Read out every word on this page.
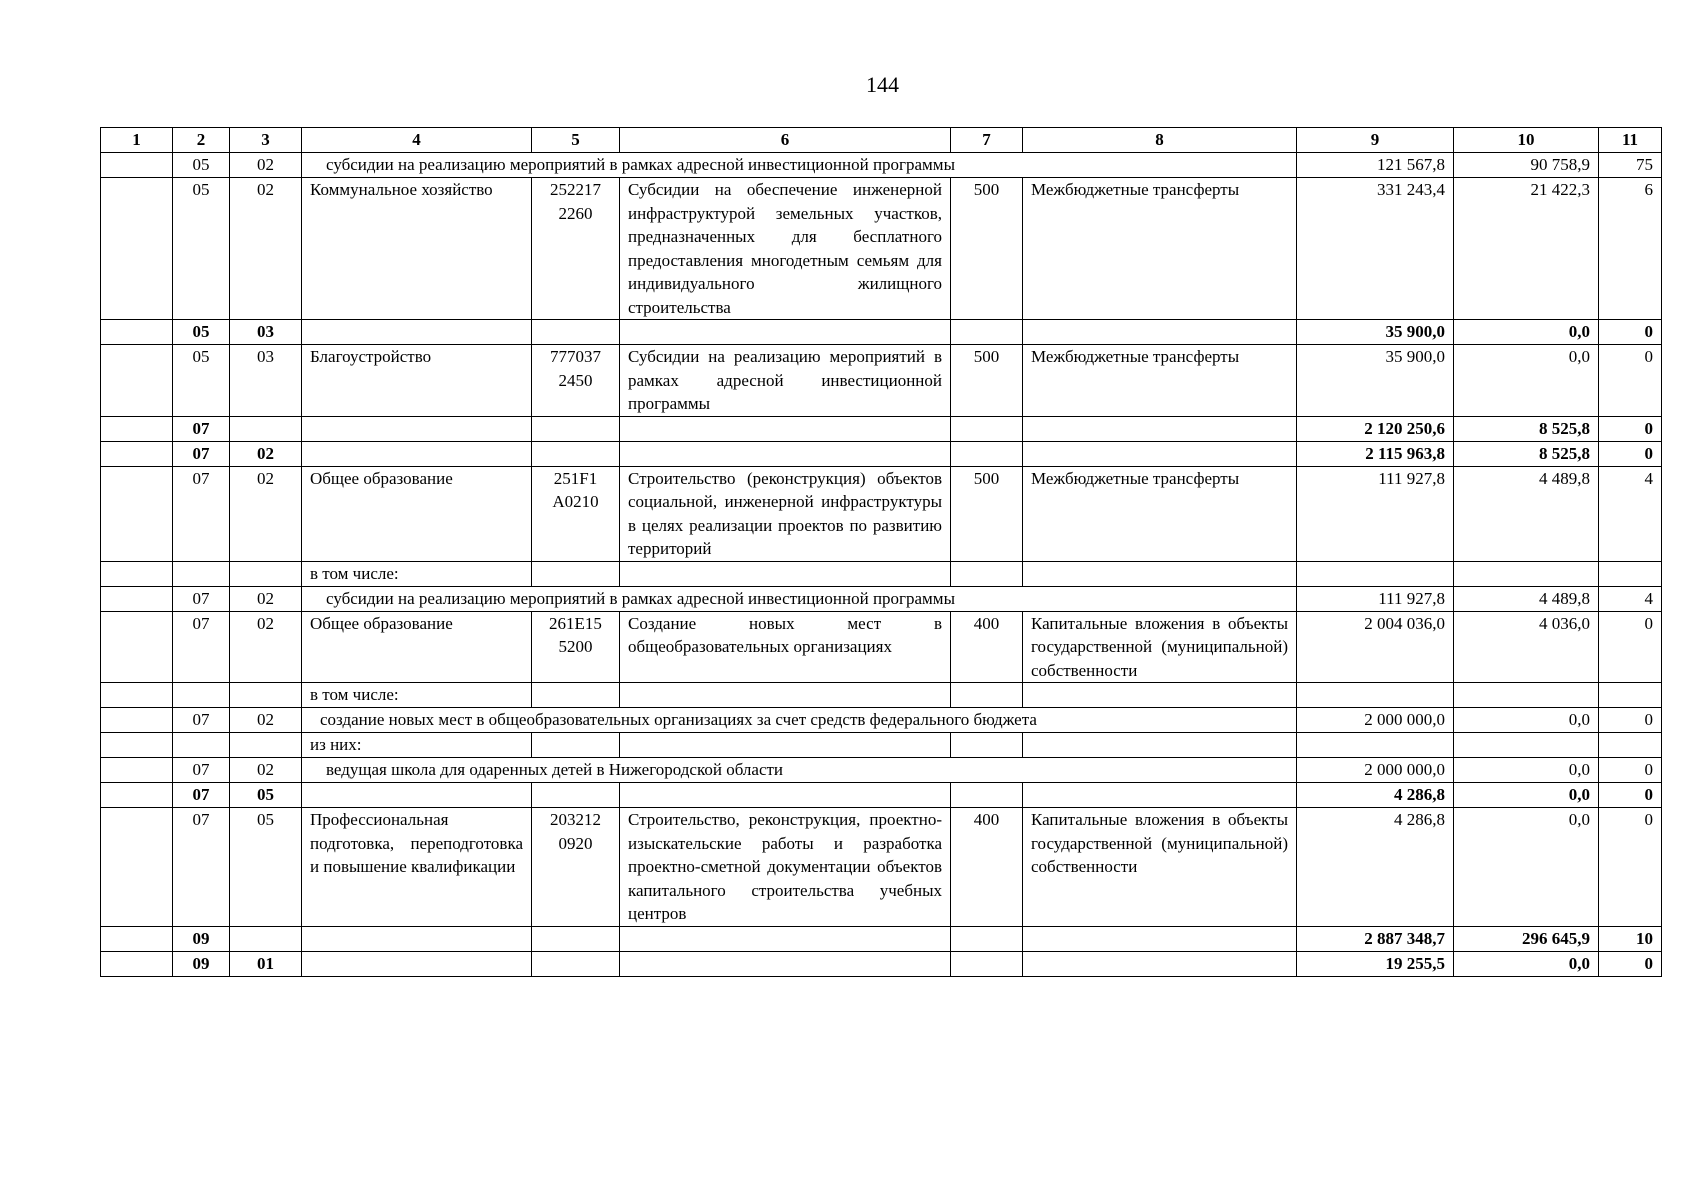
144
1	2	3	4	5	6	7	8	9	10	11
	05	02	субсидии на реализацию мероприятий в рамках адресной инвестиционной программы					121 567,8	90 758,9	75
	05	02	Коммунальное хозяйство	252217 2260	Субсидии на обеспечение инженерной инфраструктурой земельных участков, предназначенных для бесплатного предоставления многодетным семьям для индивидуального жилищного строительства	500	Межбюджетные трансферты	331 243,4	21 422,3	6
	05	03						35 900,0	0,0	0
	05	03	Благоустройство	777037 2450	Субсидии на реализацию мероприятий в рамках адресной инвестиционной программы	500	Межбюджетные трансферты	35 900,0	0,0	0
	07							2 120 250,6	8 525,8	0
	07	02						2 115 963,8	8 525,8	0
	07	02	Общее образование	251F1 A0210	Строительство (реконструкция) объектов социальной, инженерной инфраструктуры в целях реализации проектов по развитию территорий	500	Межбюджетные трансферты	111 927,8	4 489,8	4
			в том числе:							
	07	02	субсидии на реализацию мероприятий в рамках адресной инвестиционной программы					111 927,8	4 489,8	4
	07	02	Общее образование	261E15 5200	Создание новых мест в общеобразовательных организациях	400	Капитальные вложения в объекты государственной (муниципальной) собственности	2 004 036,0	4 036,0	0
			в том числе:							
	07	02	создание новых мест в общеобразовательных организациях за счет средств федерального бюджета					2 000 000,0	0,0	0
			из них:							
	07	02	ведущая школа для одаренных детей в Нижегородской области					2 000 000,0	0,0	0
	07	05						4 286,8	0,0	0
	07	05	Профессиональная подготовка, переподготовка и повышение квалификации	203212 0920	Строительство, реконструкция, проектно-изыскательские работы и разработка проектно-сметной документации объектов капитального строительства учебных центров	400	Капитальные вложения в объекты государственной (муниципальной) собственности	4 286,8	0,0	0
	09							2 887 348,7	296 645,9	10
	09	01						19 255,5	0,0	0
